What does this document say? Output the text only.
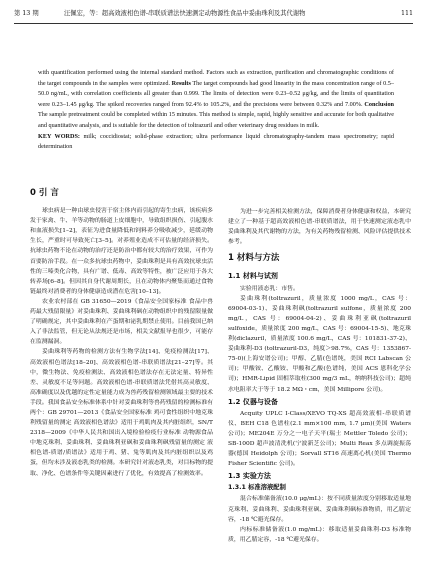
第 13 期	汪佩宏，等：超高效液相色谱-串联质谱法快速测定动物源性食品中妥曲珠利及其代谢物	111

with quantification performed using the internal standard method. Factors such as extraction, purification and chromatographic conditions of the target compounds in the samples were optimized. Results The target compounds had good linearity in the mass concentration range of 0.5–50.0 ng/mL, with correlation coefficients all greater than 0.999. The limits of detection were 0.23–0.52 μg/kg, and the limits of quantitation were 0.23–1.45 μg/kg. The spiked recoveries ranged from 92.4% to 105.2%, and the precisions were between 0.32% and 7.00%. Conclusion The sample pretreatment could be completed within 15 minutes. This method is simple, rapid, highly sensitive and accurate for both qualitative and quantitative analysis, and is suitable for the detection of toltrazuril and other veterinary drug residues in milk.

KEY WORDS: milk; coccidiostat; solid-phase extraction; ultra performance liquid chromatography-tandem mass spectrometry; rapid determination

0 引 言

球虫病是一种由球虫侵害于宿主体内而引起的寄生虫病，该疾病多发于家禽、牛、羊等动物的肠道上皮细胞中，导致组织损伤、引起腹水和血液损失[1–2]，表征为进食量降低和饲料养分吸收减少，延缓动物生长，严重时可导致死亡[3–5]。对养殖业造成不可估量的经济损失。抗球虫药物不论在动物的治疗还是防治中都有较大的治疗效果，可作为首要防治手段。在一众多抗球虫药物中，妥曲珠利是具有高效抗球虫活性的三嗪类化合物，具有广谱、低毒、高效等特性，被广泛应用于各大转养场[6–8]。但因其自身代谢周期长，且在动物体内聚集而通过食物链最终对消费者的身体健康造成潜在危害[10–13]。

农业农村部在 GB 31650—2019《食品安全国家标准 食品中兽药最大残留限量》对妥曲珠利、妥曲珠利砜在动物组织中的残留限量做了明确规定，其中妥曲珠利在产蛋期和泌乳期禁止使用。目前我国已纳入了非法监管，但无论从法规还是市场，相关文献报导也很少，可能存在监测漏洞。

妥曲珠利等药物的检测方法有生物学法[14]、免疫检测法[17]、高效液相色谱法[18–20]、高效液相色谱-串联质谱法[21–27]等。其中，微生物法、免疫检测法、高效液相色谱法存在无法定量、特异性差、灵敏度不足等问题。高效液相色谱-串联质谱法凭借其高灵敏度、高准确度以及优越的定性定量能力成为兽药残留检测领域最主要的技术手段。我国食品安全标准体系中针对妥曲珠利等兽药残留的检测标准有两个：GB 29701—2013《食品安全国家标准 鸡可食性组织中地克珠利残留量的测定 高效液相色谱法》适用于鸡肌肉及其内脏组织，SN/T 2318—2009《中华人民共和国出入境检验检疫行业标准 动物源食品中地克珠利、妥曲珠利、妥曲珠利亚砜和妥曲珠利砜残留量的测定 液相色谱-质谱/质谱法》适用于鸡、猪、兔等肌肉及其内脏组织以及鸡蛋，但均未涉及液态乳类的检测。本研究针对液态乳类，对目标物的提取、净化、色谱条件等关键因素进行了优化，有效提高了检测效率。

为进一步完善相关检测方法，保障消费者身体健康和权益，本研究建立了一种基于超高效液相色谱-串联质谱法，用于快速测定液态乳中妥曲珠利及其代谢物的方法，为有关药物残留检测、风险评估提供技术参考。

1 材料与方法

1.1 材料与试剂

实验用液态乳：市售。

妥曲珠利(toltrazuril，质量浓度 1000 mg/L，CAS 号：69004-03-1)、妥曲珠利砜(toltrazuril sulfone，质量浓度 200 mg/L，CAS 号：69004-04-2)、妥曲珠利亚砜(toltrazuril sulfoxide，质量浓度 200 mg/L，CAS 号：69004-15-5)、地克珠利(diclazuril，质量浓度 100.6 mg/L，CAS 号：101831-37-2)、妥曲珠利-D3 (toltrazuril-D3，纯度＞98.7%，CAS 号：1353867-75-0)(上海安谱公司)；甲醇、乙腈(色谱纯，美国 RCI Labscan 公司)；甲酸铵、乙酸铵、甲酸和乙酸(色谱纯，美国 ACS 恩科化学公司)；HMR-Lipid 固相萃取柱(300 mg/3 mL，纳纳科技公司)；超纯水电阻率大于等于 18.2 MΩ・cm，美国 Millipore 公司)。

1.2 仪器与设备

Acquity UPLC I-Class/XEVO TQ-XS 超高效液相-串联质谱仪、BEH C18 色谱柱(2.1 mm×100 mm, 1.7 μm)(美国 Waters 公司)；ME204E 万分之一电子天平(瑞士 Mettler Toledo 公司)；SB-100D 超声波清洗机(宁波新芝公司)；Multi Reax 多点调旋振荡器(德国 Heidolph 公司)；Sorvall ST16 高速离心机(美国 Thermo Fisher Scientific 公司)。

1.3 实验方法

1.3.1 标准溶液配制

混合标准储备液(10.0 μg/mL)：按不同质量浓度分别移取适量地克珠利、妥曲珠利、妥曲珠利亚砜、妥曲珠利砜标准物质，用乙腈定容，-18 ℃避光保存。

内标标准储备液(1.0 mg/mL)：移取适量妥曲珠利-D3 标准物质，用乙腈定容，-18 ℃避光保存。
